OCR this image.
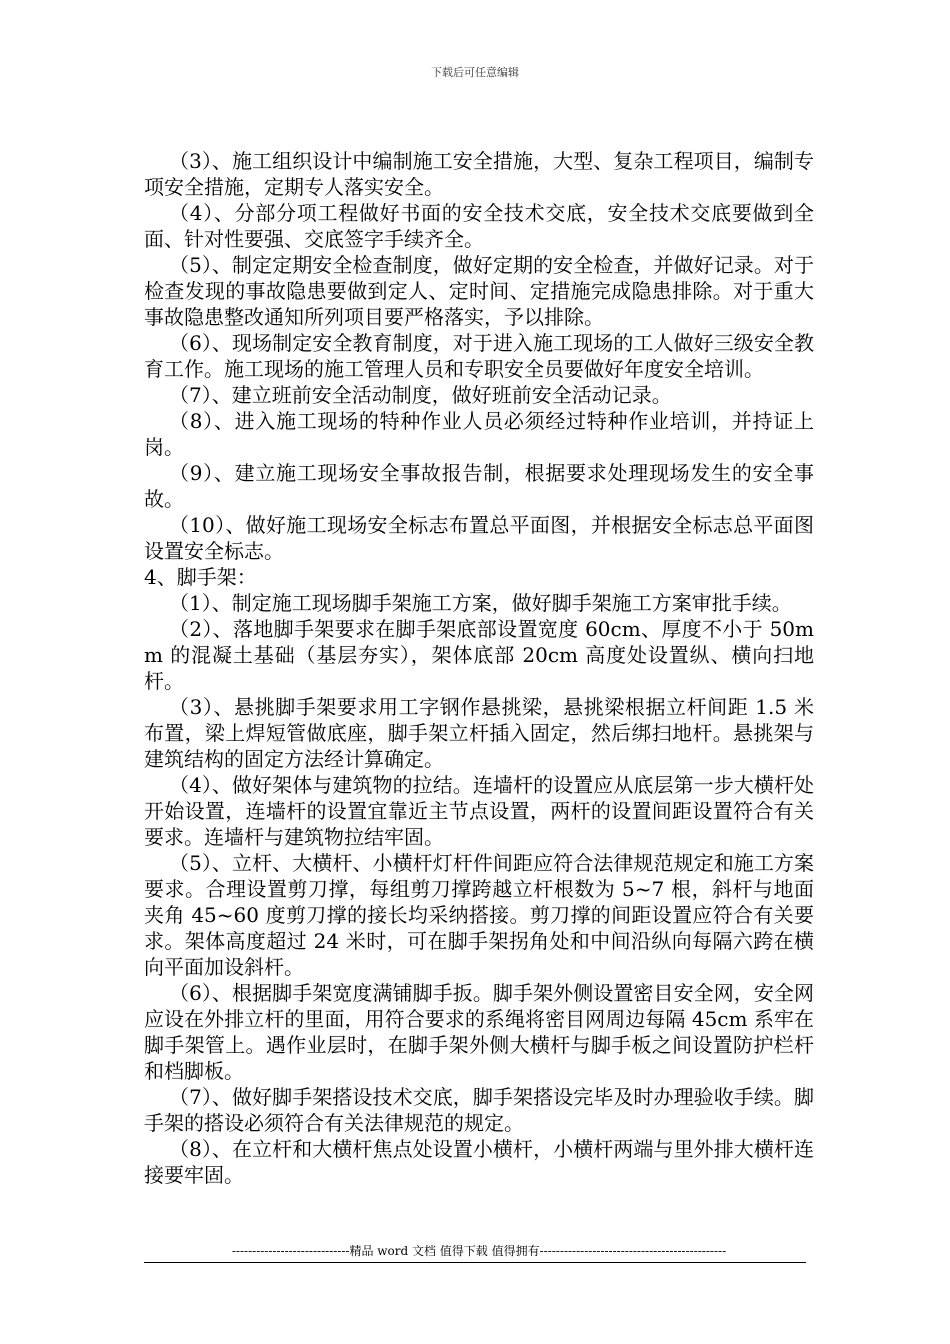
下载后可任意编辑

（3）、施工组织设计中编制施工安全措施，大型、复杂工程项目，编制专项安全措施，定期专人落实安全。

（4）、分部分项工程做好书面的安全技术交底，安全技术交底要做到全面、针对性要强、交底签字手续齐全。

（5）、制定定期安全检查制度，做好定期的安全检查，并做好记录。对于检查发现的事故隐患要做到定人、定时间、定措施完成隐患排除。对于重大事故隐患整改通知所列项目要严格落实，予以排除。

（6）、现场制定安全教育制度，对于进入施工现场的工人做好三级安全教育工作。施工现场的施工管理人员和专职安全员要做好年度安全培训。

（7）、建立班前安全活动制度，做好班前安全活动记录。

（8）、进入施工现场的特种作业人员必须经过特种作业培训，并持证上岗。

（9）、建立施工现场安全事故报告制，根据要求处理现场发生的安全事故。

（10）、做好施工现场安全标志布置总平面图，并根据安全标志总平面图设置安全标志。

4、脚手架：

（1）、制定施工现场脚手架施工方案，做好脚手架施工方案审批手续。

（2）、落地脚手架要求在脚手架底部设置宽度 60cm、厚度不小于 50mm 的混凝土基础（基层夯实），架体底部 20cm 高度处设置纵、横向扫地杆。

（3）、悬挑脚手架要求用工字钢作悬挑梁，悬挑梁根据立杆间距 1.5 米布置，梁上焊短管做底座，脚手架立杆插入固定，然后绑扫地杆。悬挑架与建筑结构的固定方法经计算确定。

（4）、做好架体与建筑物的拉结。连墙杆的设置应从底层第一步大横杆处开始设置，连墙杆的设置宜靠近主节点设置，两杆的设置间距设置符合有关要求。连墙杆与建筑物拉结牢固。

（5）、立杆、大横杆、小横杆灯杆件间距应符合法律规范规定和施工方案要求。合理设置剪刀撑，每组剪刀撑跨越立杆根数为 5~7 根，斜杆与地面夹角 45~60 度剪刀撑的接长均采纳搭接。剪刀撑的间距设置应符合有关要求。架体高度超过 24 米时，可在脚手架拐角处和中间沿纵向每隔六跨在横向平面加设斜杆。

（6）、根据脚手架宽度满铺脚手扳。脚手架外侧设置密目安全网，安全网应设在外排立杆的里面，用符合要求的系绳将密目网周边每隔 45cm 系牢在脚手架管上。遇作业层时，在脚手架外侧大横杆与脚手板之间设置防护栏杆和档脚板。

（7）、做好脚手架搭设技术交底，脚手架搭设完毕及时办理验收手续。脚手架的搭设必须符合有关法律规范的规定。

（8）、在立杆和大横杆焦点处设置小横杆，小横杆两端与里外排大横杆连接要牢固。

-----------------------------精品 word 文档 值得下载 值得拥有----------------------------------------------
